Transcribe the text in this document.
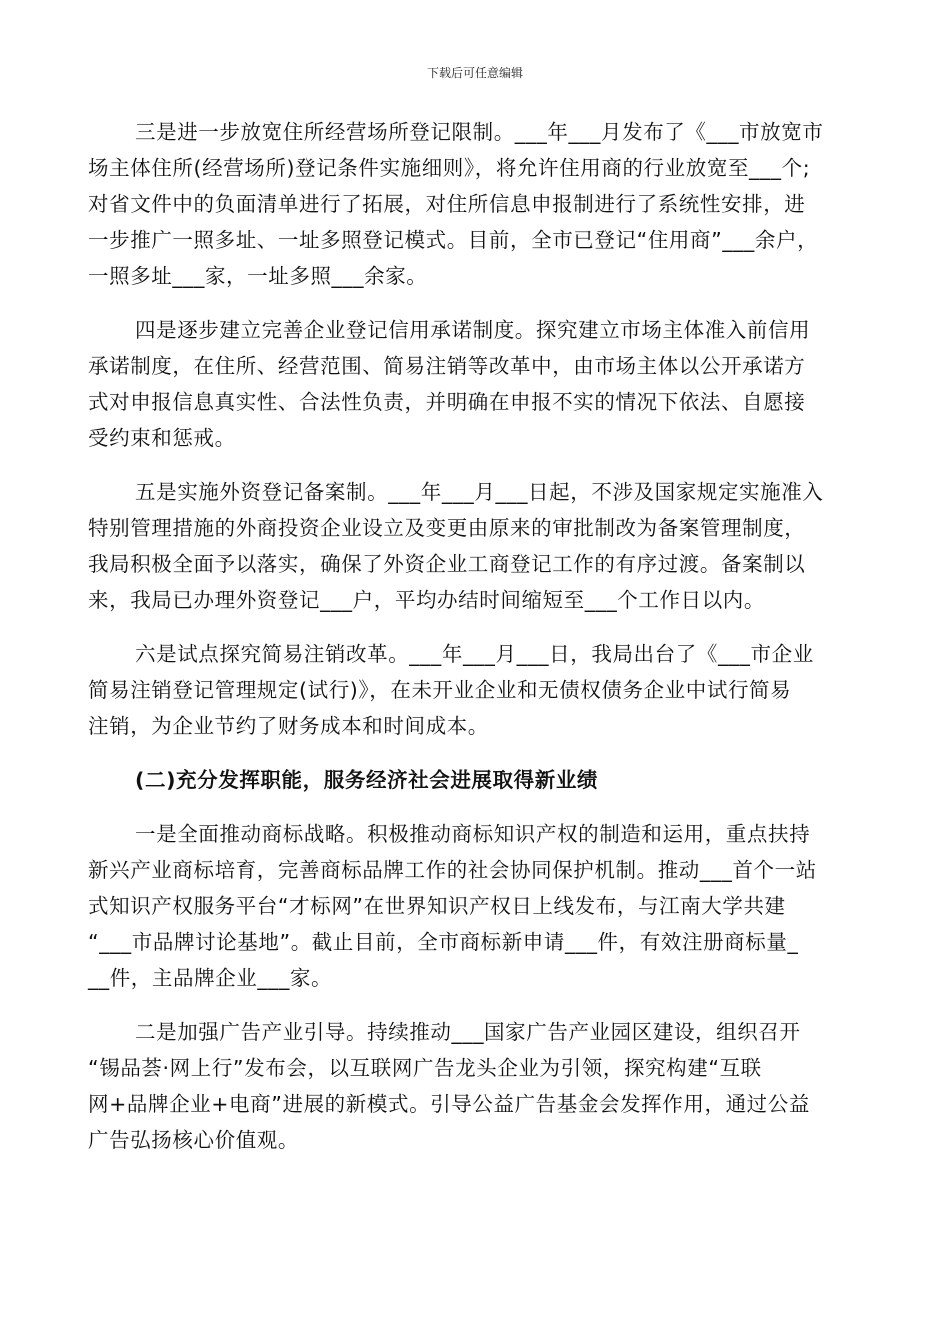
下载后可任意编辑
三是进一步放宽住所经营场所登记限制。___年___月发布了《___市放宽市
场主体住所(经营场所)登记条件实施细则》，将允许住用商的行业放宽至___个;
对省文件中的负面清单进行了拓展，对住所信息申报制进行了系统性安排，进
一步推广一照多址、一址多照登记模式。目前，全市已登记“住用商”___余户，
一照多址___家，一址多照___余家。
四是逐步建立完善企业登记信用承诺制度。探究建立市场主体准入前信用
承诺制度，在住所、经营范围、简易注销等改革中，由市场主体以公开承诺方
式对申报信息真实性、合法性负责，并明确在申报不实的情况下依法、自愿接
受约束和惩戒。
五是实施外资登记备案制。___年___月___日起，不涉及国家规定实施准入
特别管理措施的外商投资企业设立及变更由原来的审批制改为备案管理制度，
我局积极全面予以落实，确保了外资企业工商登记工作的有序过渡。备案制以
来，我局已办理外资登记___户，平均办结时间缩短至___个工作日以内。
六是试点探究简易注销改革。___年___月___日，我局出台了《___市企业
简易注销登记管理规定(试行)》，在未开业企业和无债权债务企业中试行简易
注销，为企业节约了财务成本和时间成本。
(二)充分发挥职能，服务经济社会进展取得新业绩
一是全面推动商标战略。积极推动商标知识产权的制造和运用，重点扶持
新兴产业商标培育，完善商标品牌工作的社会协同保护机制。推动___首个一站
式知识产权服务平台“才标网”在世界知识产权日上线发布，与江南大学共建
“___市品牌讨论基地”。截止目前，全市商标新申请___件，有效注册商标量_
__件，主品牌企业___家。
二是加强广告产业引导。持续推动___国家广告产业园区建设，组织召开
“锡品荟·网上行”发布会，以互联网广告龙头企业为引领，探究构建“互联
网+品牌企业+电商”进展的新模式。引导公益广告基金会发挥作用，通过公益
广告弘扬核心价值观。
